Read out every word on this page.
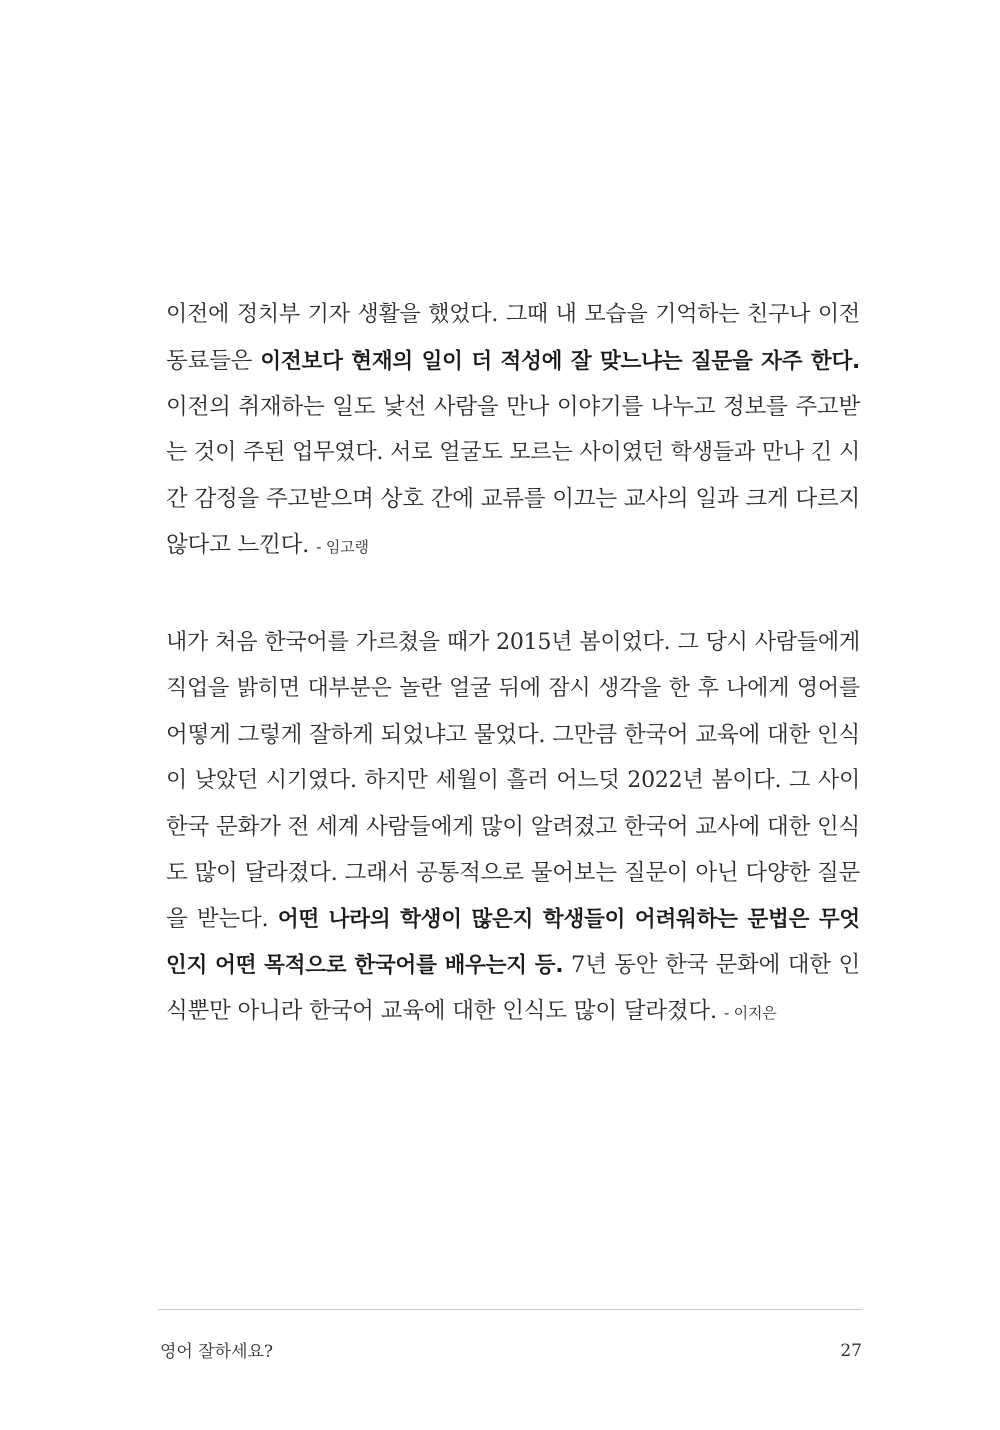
이전에 정치부 기자 생활을 했었다. 그때 내 모습을 기억하는 친구나 이전
동료들은 이전보다 현재의 일이 더 적성에 잘 맞느냐는 질문을 자주 한다.
이전의 취재하는 일도 낯선 사람을 만나 이야기를 나누고 정보를 주고받
는 것이 주된 업무였다. 서로 얼굴도 모르는 사이였던 학생들과 만나 긴 시
간 감정을 주고받으며 상호 간에 교류를 이끄는 교사의 일과 크게 다르지
않다고 느낀다. - 임고랭
내가 처음 한국어를 가르쳤을 때가 2015년 봄이었다. 그 당시 사람들에게
직업을 밝히면 대부분은 놀란 얼굴 뒤에 잠시 생각을 한 후 나에게 영어를
어떻게 그렇게 잘하게 되었냐고 물었다. 그만큼 한국어 교육에 대한 인식
이 낮았던 시기였다. 하지만 세월이 흘러 어느덧 2022년 봄이다. 그 사이
한국 문화가 전 세계 사람들에게 많이 알려졌고 한국어 교사에 대한 인식
도 많이 달라졌다. 그래서 공통적으로 물어보는 질문이 아닌 다양한 질문
을 받는다. 어떤 나라의 학생이 많은지 학생들이 어려워하는 문법은 무엇
인지 어떤 목적으로 한국어를 배우는지 등. 7년 동안 한국 문화에 대한 인
식뿐만 아니라 한국어 교육에 대한 인식도 많이 달라졌다. - 이지은
영어 잘하세요?	27
